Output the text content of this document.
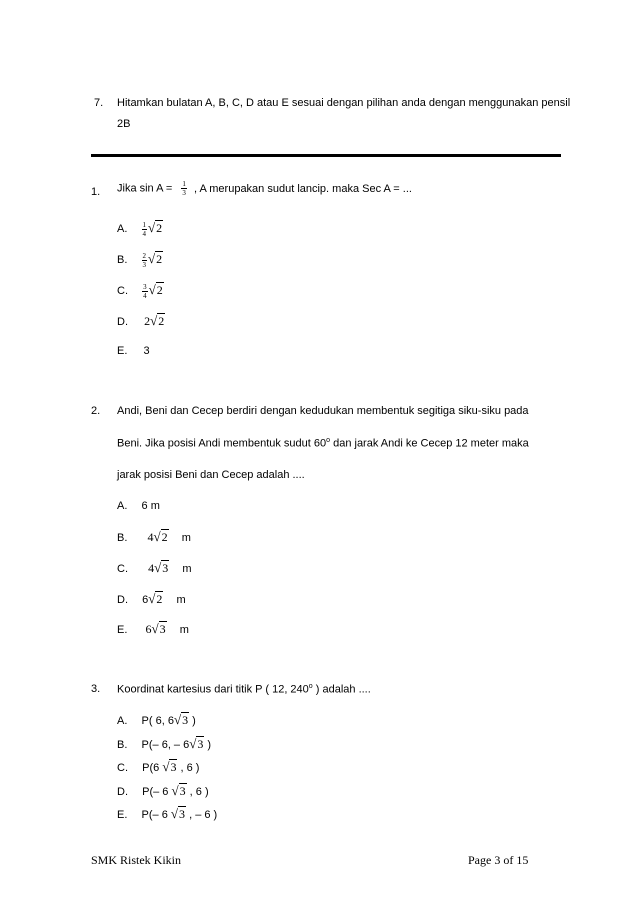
7. Hitamkan bulatan A, B, C, D atau E sesuai dengan pilihan anda dengan menggunakan pensil
2B
1. Jika $\sin A = \frac{1}{3}$ , A merupakan sudut lancip. maka Sec A = ...
A. $\frac{1}{4} √2$
B. $\frac{2}{3} √2$
C. $\frac{3}{4} √2$
D. 2√2
E. 3
2. Andi, Beni dan Cecep berdiri dengan kedudukan membentuk segitiga siku-siku pada
Beni. Jika posisi Andi membentuk sudut 60$^o$ dan jarak Andi ke Cecep 12 meter maka
jarak posisi Beni dan Cecep adalah ....
A. 6 m
B. 4√2 m
C. 4√3 m
D. 6√2 m
E. 6√3 m
3. Koordinat kartesius dari titik P ( 12, 240$^o$ ) adalah ....
A. P( 6, 6√3 )
B. P(– 6, – 6√3 )
C. P(6 √3 , 6 )
D. P(– 6 √3 , 6 )
E. P(– 6 √3 , – 6 )
SMK Ristek Kikin	Page 3 of 15
